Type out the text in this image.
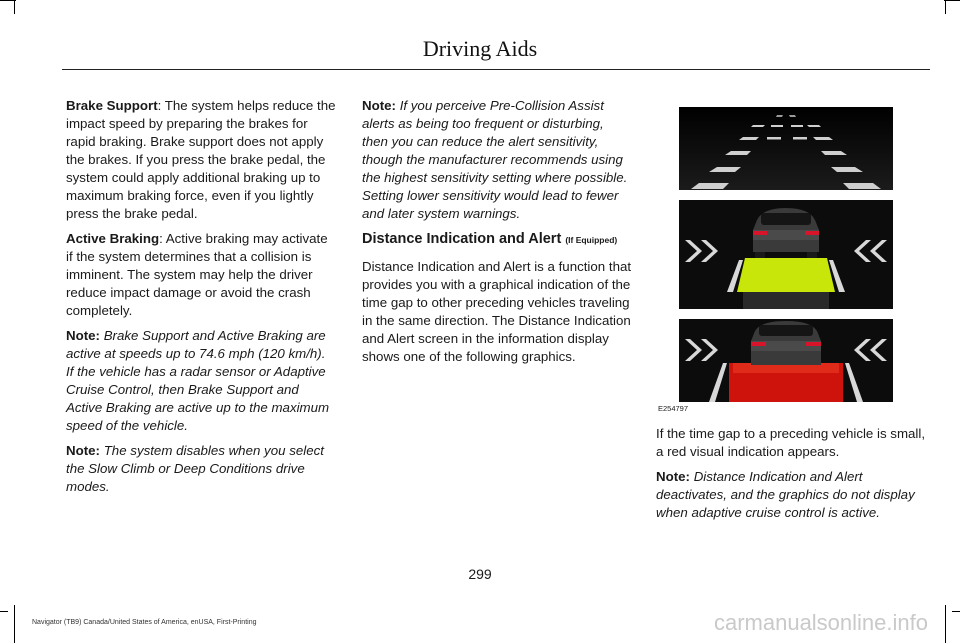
Driving Aids

Brake Support: The system helps reduce the impact speed by preparing the brakes for rapid braking. Brake support does not apply the brakes. If you press the brake pedal, the system could apply additional braking up to maximum braking force, even if you lightly press the brake pedal.

Active Braking: Active braking may activate if the system determines that a collision is imminent. The system may help the driver reduce impact damage or avoid the crash completely.

Note: Brake Support and Active Braking are active at speeds up to 74.6 mph (120 km/h). If the vehicle has a radar sensor or Adaptive Cruise Control, then Brake Support and Active Braking are active up to the maximum speed of the vehicle.

Note: The system disables when you select the Slow Climb or Deep Conditions drive modes.

Note: If you perceive Pre-Collision Assist alerts as being too frequent or disturbing, then you can reduce the alert sensitivity, though the manufacturer recommends using the highest sensitivity setting where possible. Setting lower sensitivity would lead to fewer and later system warnings.

Distance Indication and Alert (If Equipped)

Distance Indication and Alert is a function that provides you with a graphical indication of the time gap to other preceding vehicles traveling in the same direction. The Distance Indication and Alert screen in the information display shows one of the following graphics.

E254797

If the time gap to a preceding vehicle is small, a red visual indication appears.

Note: Distance Indication and Alert deactivates, and the graphics do not display when adaptive cruise control is active.

299
Navigator (TB9) Canada/United States of America, enUSA, First-Printing	carmanualsonline.info
